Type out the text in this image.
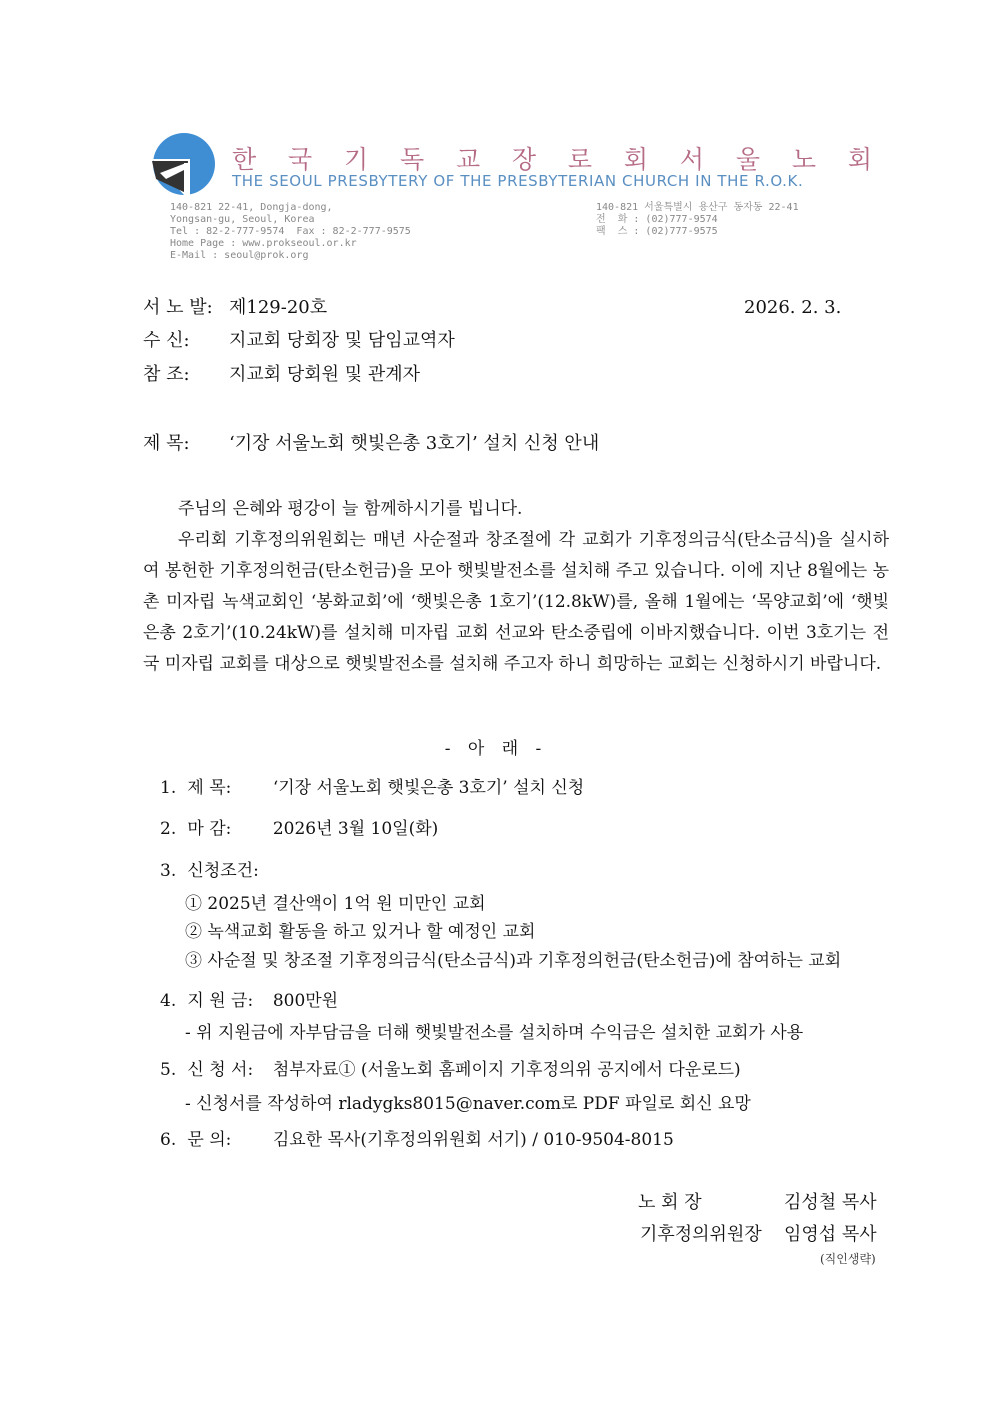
한 국 기 독 교 장 로 회 서 울 노 회
THE SEOUL PRESBYTERY OF THE PRESBYTERIAN CHURCH IN THE R.O.K.
140-821 22-41, Dongja-dong,
Yongsan-gu, Seoul, Korea
Tel : 82-2-777-9574  Fax : 82-2-777-9575
Home Page : www.prokseoul.or.kr
E-Mail : seoul@prok.org
140-821 서울특별시 용산구 동자동 22-41
전  화 : (02)777-9574
팩  스 : (02)777-9575
서 노 발: 제129-20호	2026. 2. 3.
수 신: 지교회 당회장 및 담임교역자
참 조: 지교회 당회원 및 관계자
제 목: ‘기장 서울노회 햇빛은총 3호기’ 설치 신청 안내

주님의 은혜와 평강이 늘 함께하시기를 빕니다.

우리회 기후정의위원회는 매년 사순절과 창조절에 각 교회가 기후정의금식(탄소금식)을 실시하여 봉헌한 기후정의헌금(탄소헌금)을 모아 햇빛발전소를 설치해 주고 있습니다. 이에 지난 8월에는 농촌 미자립 녹색교회인 ‘봉화교회’에 ‘햇빛은총 1호기’(12.8kW)를, 올해 1월에는 ‘목양교회’에 ‘햇빛은총 2호기’(10.24kW)를 설치해 미자립 교회 선교와 탄소중립에 이바지했습니다. 이번 3호기는 전국 미자립 교회를 대상으로 햇빛발전소를 설치해 주고자 하니 희망하는 교회는 신청하시기 바랍니다.

- 아 래 -
1. 제 목: ‘기장 서울노회 햇빛은총 3호기’ 설치 신청
2. 마 감: 2026년 3월 10일(화)
3. 신청조건:
① 2025년 결산액이 1억 원 미만인 교회
② 녹색교회 활동을 하고 있거나 할 예정인 교회
③ 사순절 및 창조절 기후정의금식(탄소금식)과 기후정의헌금(탄소헌금)에 참여하는 교회
4. 지 원 금: 800만원
- 위 지원금에 자부담금을 더해 햇빛발전소를 설치하며 수익금은 설치한 교회가 사용
5. 신 청 서: 첨부자료① (서울노회 홈페이지 기후정의위 공지에서 다운로드)
- 신청서를 작성하여 rladygks8015@naver.com로 PDF 파일로 회신 요망
6. 문 의: 김요한 목사(기후정의위원회 서기) / 010-9504-8015
노 회 장	김성철 목사
기후정의위원장 임영섭 목사
(직인생략)
